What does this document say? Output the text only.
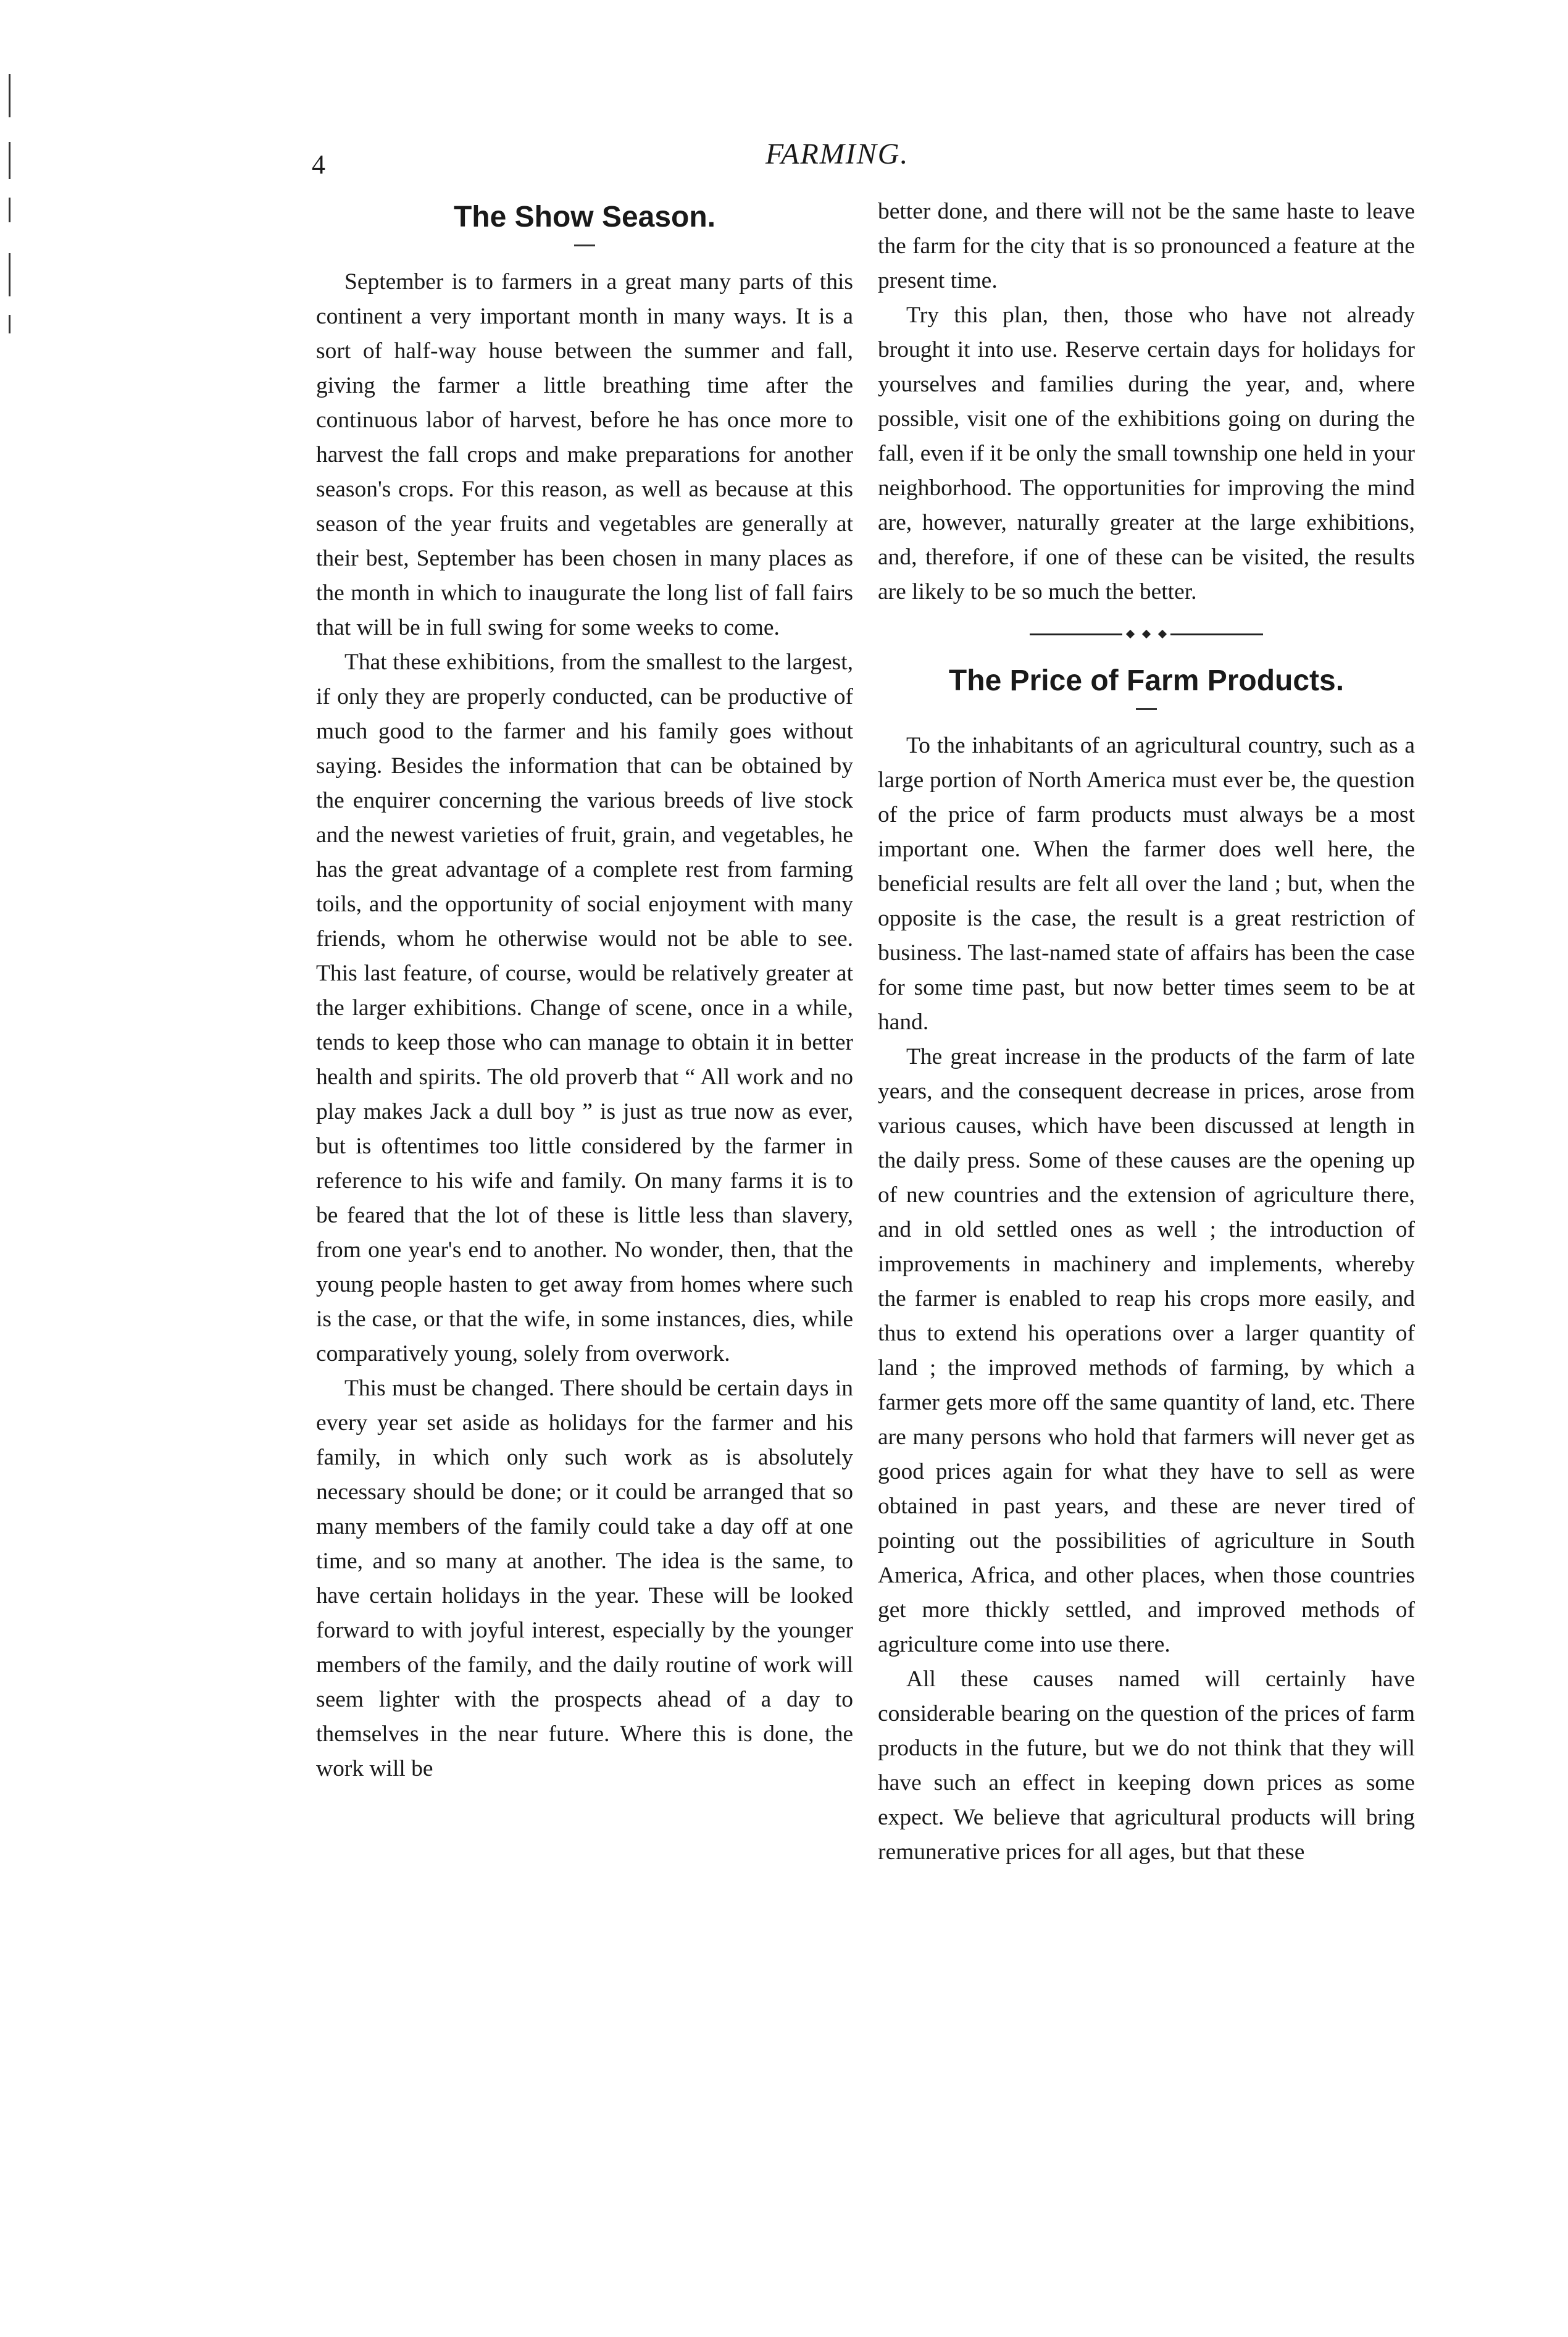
4	FARMING.
The Show Season.

September is to farmers in a great many parts of this continent a very important month in many ways. It is a sort of half-way house between the summer and fall, giving the farmer a little breathing time after the continuous labor of harvest, before he has once more to harvest the fall crops and make preparations for another season's crops. For this reason, as well as because at this season of the year fruits and vegetables are generally at their best, September has been chosen in many places as the month in which to inaugurate the long list of fall fairs that will be in full swing for some weeks to come.

That these exhibitions, from the smallest to the largest, if only they are properly conducted, can be productive of much good to the farmer and his family goes without saying. Besides the information that can be obtained by the enquirer concerning the various breeds of live stock and the newest varieties of fruit, grain, and vegetables, he has the great advantage of a complete rest from farming toils, and the opportunity of social enjoyment with many friends, whom he otherwise would not be able to see. This last feature, of course, would be relatively greater at the larger exhibitions. Change of scene, once in a while, tends to keep those who can manage to obtain it in better health and spirits. The old proverb that “ All work and no play makes Jack a dull boy ” is just as true now as ever, but is oftentimes too little considered by the farmer in reference to his wife and family. On many farms it is to be feared that the lot of these is little less than slavery, from one year's end to another. No wonder, then, that the young people hasten to get away from homes where such is the case, or that the wife, in some instances, dies, while comparatively young, solely from overwork.

This must be changed. There should be certain days in every year set aside as holidays for the farmer and his family, in which only such work as is absolutely necessary should be done; or it could be arranged that so many members of the family could take a day off at one time, and so many at another. The idea is the same, to have certain holidays in the year. These will be looked forward to with joyful interest, especially by the younger members of the family, and the daily routine of work will seem lighter with the prospects ahead of a day to themselves in the near future. Where this is done, the work will be

better done, and there will not be the same haste to leave the farm for the city that is so pronounced a feature at the present time.

Try this plan, then, those who have not already brought it into use. Reserve certain days for holidays for yourselves and families during the year, and, where possible, visit one of the exhibitions going on during the fall, even if it be only the small township one held in your neighborhood. The opportunities for improving the mind are, however, naturally greater at the large exhibitions, and, therefore, if one of these can be visited, the results are likely to be so much the better.

The Price of Farm Products.

To the inhabitants of an agricultural country, such as a large portion of North America must ever be, the question of the price of farm products must always be a most important one. When the farmer does well here, the beneficial results are felt all over the land ; but, when the opposite is the case, the result is a great restriction of business. The last-named state of affairs has been the case for some time past, but now better times seem to be at hand.

The great increase in the products of the farm of late years, and the consequent decrease in prices, arose from various causes, which have been discussed at length in the daily press. Some of these causes are the opening up of new countries and the extension of agriculture there, and in old settled ones as well ; the introduction of improvements in machinery and implements, whereby the farmer is enabled to reap his crops more easily, and thus to extend his operations over a larger quantity of land ; the improved methods of farming, by which a farmer gets more off the same quantity of land, etc. There are many persons who hold that farmers will never get as good prices again for what they have to sell as were obtained in past years, and these are never tired of pointing out the possibilities of agriculture in South America, Africa, and other places, when those countries get more thickly settled, and improved methods of agriculture come into use there.

All these causes named will certainly have considerable bearing on the question of the prices of farm products in the future, but we do not think that they will have such an effect in keeping down prices as some expect. We believe that agricultural products will bring remunerative prices for all ages, but that these
